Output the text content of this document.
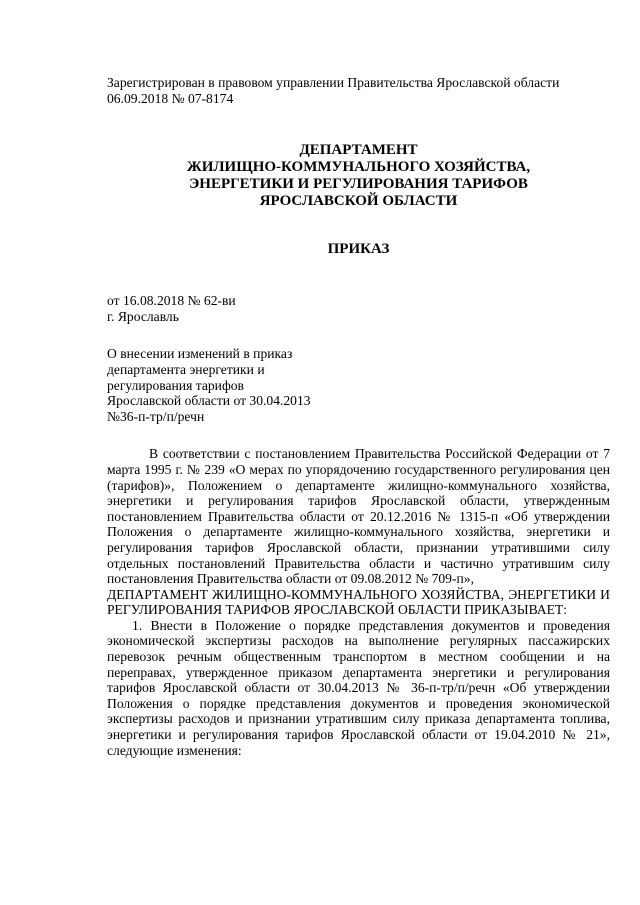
Зарегистрирован в правовом управлении Правительства Ярославской области
06.09.2018 № 07-8174
ДЕПАРТАМЕНТ
ЖИЛИЩНО-КОММУНАЛЬНОГО ХОЗЯЙСТВА,
ЭНЕРГЕТИКИ И РЕГУЛИРОВАНИЯ ТАРИФОВ
ЯРОСЛАВСКОЙ ОБЛАСТИ
ПРИКАЗ
от 16.08.2018 № 62-ви
г. Ярославль
О внесении изменений в приказ
департамента энергетики и
регулирования тарифов
Ярославской области от 30.04.2013
№36-п-тр/п/речн

В соответствии с постановлением Правительства Российской Федерации от 7 марта 1995 г. № 239 «О мерах по упорядочению государственного регулирования цен (тарифов)», Положением о департаменте жилищно-коммунального хозяйства, энергетики и регулирования тарифов Ярославской области, утвержденным постановлением Правительства области от 20.12.2016 № 1315-п «Об утверждении Положения о департаменте жилищно-коммунального хозяйства, энергетики и регулирования тарифов Ярославской области, признании утратившими силу отдельных постановлений Правительства области и частично утратившим силу постановления Правительства области от 09.08.2012 № 709-п»,

ДЕПАРТАМЕНТ ЖИЛИЩНО-КОММУНАЛЬНОГО ХОЗЯЙСТВА, ЭНЕРГЕТИКИ И РЕГУЛИРОВАНИЯ ТАРИФОВ ЯРОСЛАВСКОЙ ОБЛАСТИ ПРИКАЗЫВАЕТ:

1. Внести в Положение о порядке представления документов и проведения экономической экспертизы расходов на выполнение регулярных пассажирских перевозок речным общественным транспортом в местном сообщении и на переправах, утвержденное приказом департамента энергетики и регулирования тарифов Ярославской области от 30.04.2013 № 36-п-тр/п/речн «Об утверждении Положения о порядке представления документов и проведения экономической экспертизы расходов и признании утратившим силу приказа департамента топлива, энергетики и регулирования тарифов Ярославской области от 19.04.2010 № 21», следующие изменения:
